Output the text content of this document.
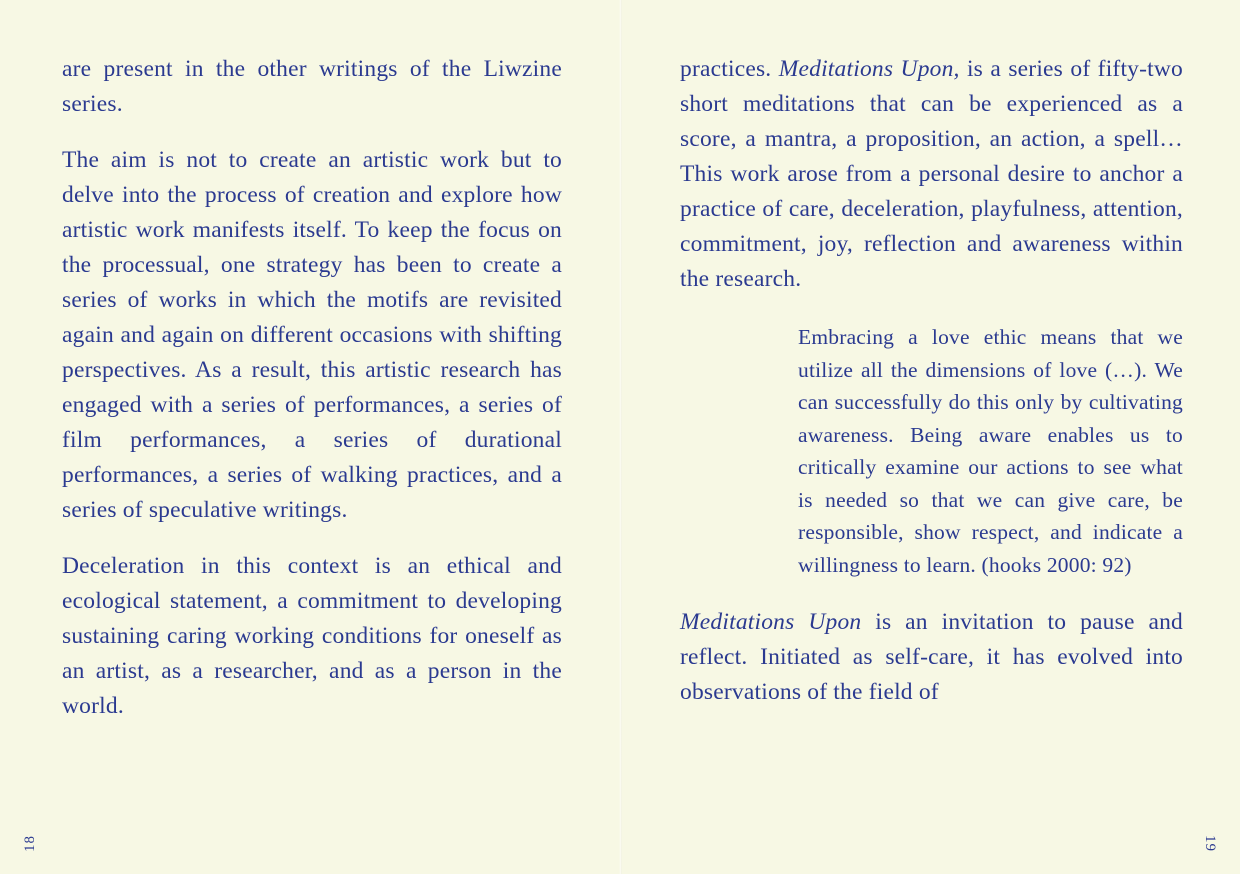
are present in the other writings of the Liwzine series.

The aim is not to create an artistic work but to delve into the process of creation and explore how artistic work manifests itself. To keep the focus on the processual, one strategy has been to create a series of works in which the motifs are revisited again and again on different occasions with shifting perspectives. As a result, this artistic research has engaged with a series of performances, a series of film performances, a series of durational performances, a series of walking practices, and a series of speculative writings.

Deceleration in this context is an ethical and ecological statement, a commitment to developing sustaining caring working conditions for oneself as an artist, as a researcher, and as a person in the world.

18

practices. Meditations Upon, is a series of fifty-two short meditations that can be experienced as a score, a mantra, a proposition, an action, a spell… This work arose from a personal desire to anchor a practice of care, deceleration, playfulness, attention, commitment, joy, reflection and awareness within the research.

Embracing a love ethic means that we utilize all the dimensions of love (…). We can successfully do this only by cultivating awareness. Being aware enables us to critically examine our actions to see what is needed so that we can give care, be responsible, show respect, and indicate a willingness to learn. (hooks 2000: 92)

Meditations Upon is an invitation to pause and reflect. Initiated as self-care, it has evolved into observations of the field of

19
